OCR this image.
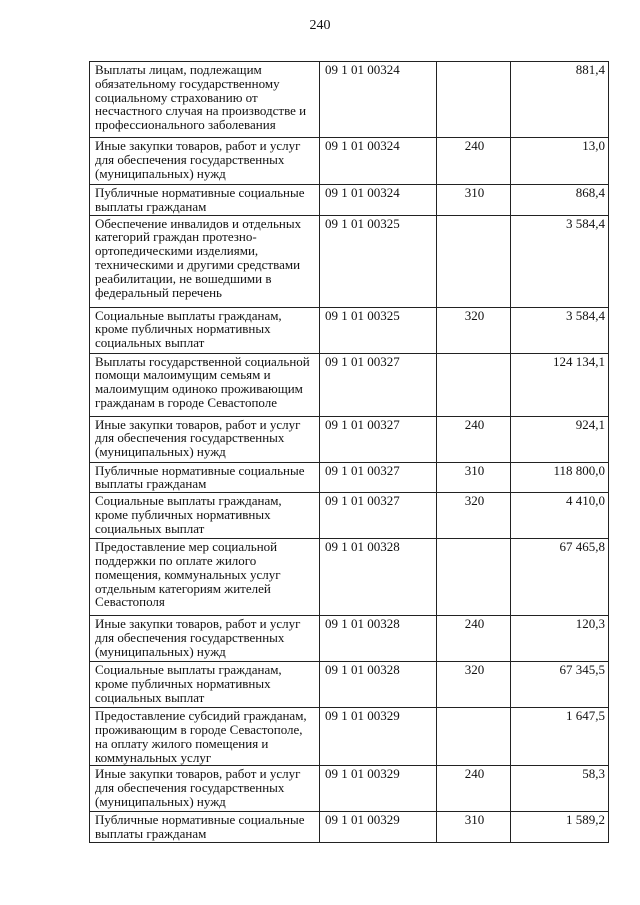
240
Выплаты лицам, подлежащим обязательному государственному социальному страхованию от несчастного случая на производстве и профессионального заболевания	09 1 01 00324		881,4
Иные закупки товаров, работ и услуг для обеспечения государственных (муниципальных) нужд	09 1 01 00324	240	13,0
Публичные нормативные социальные выплаты гражданам	09 1 01 00324	310	868,4
Обеспечение инвалидов и отдельных категорий граждан протезно-ортопедическими изделиями, техническими и другими средствами реабилитации, не вошедшими в федеральный перечень	09 1 01 00325		3 584,4
Социальные выплаты гражданам, кроме публичных нормативных социальных выплат	09 1 01 00325	320	3 584,4
Выплаты государственной социальной помощи малоимущим семьям и малоимущим одиноко проживающим гражданам в городе Севастополе	09 1 01 00327		124 134,1
Иные закупки товаров, работ и услуг для обеспечения государственных (муниципальных) нужд	09 1 01 00327	240	924,1
Публичные нормативные социальные выплаты гражданам	09 1 01 00327	310	118 800,0
Социальные выплаты гражданам, кроме публичных нормативных социальных выплат	09 1 01 00327	320	4 410,0
Предоставление мер социальной поддержки по оплате жилого помещения, коммунальных услуг отдельным категориям жителей Севастополя	09 1 01 00328		67 465,8
Иные закупки товаров, работ и услуг для обеспечения государственных (муниципальных) нужд	09 1 01 00328	240	120,3
Социальные выплаты гражданам, кроме публичных нормативных социальных выплат	09 1 01 00328	320	67 345,5
Предоставление субсидий гражданам, проживающим в городе Севастополе, на оплату жилого помещения и коммунальных услуг	09 1 01 00329		1 647,5
Иные закупки товаров, работ и услуг для обеспечения государственных (муниципальных) нужд	09 1 01 00329	240	58,3
Публичные нормативные социальные выплаты гражданам	09 1 01 00329	310	1 589,2
